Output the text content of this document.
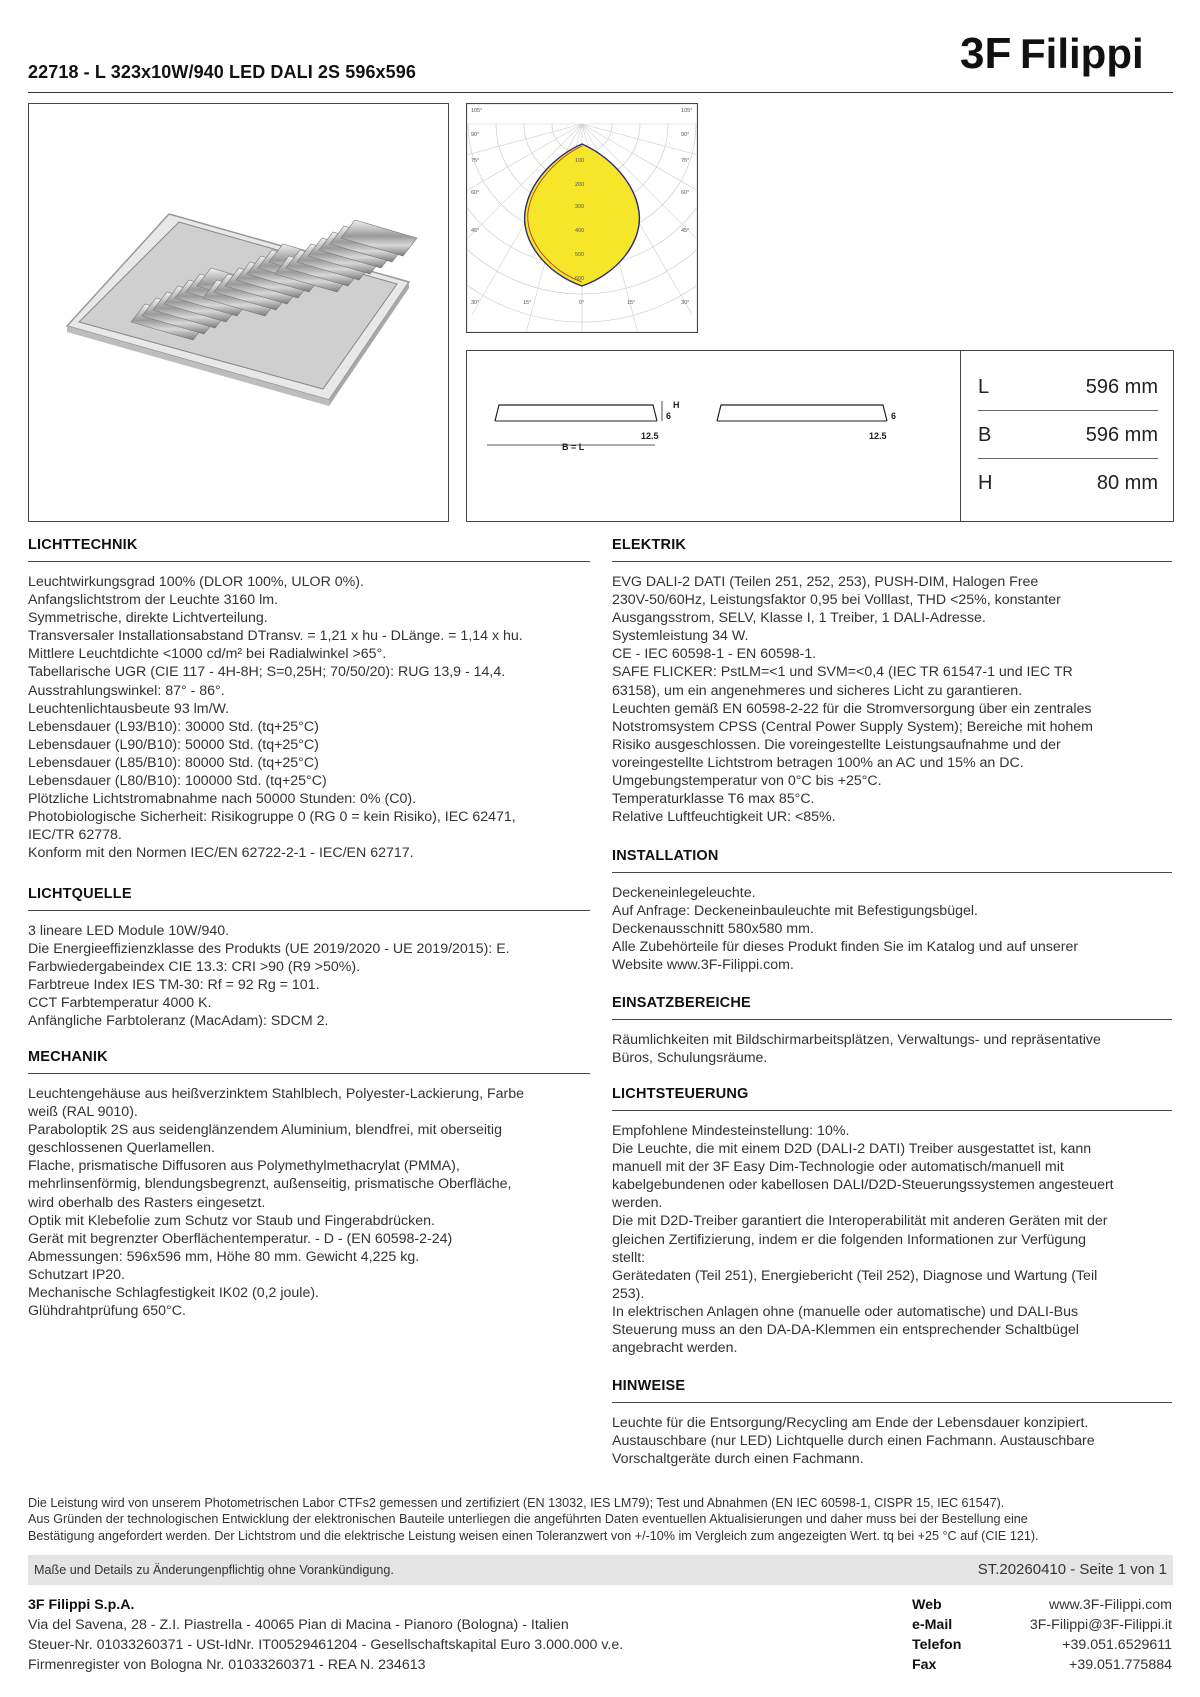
22718 - L 323x10W/940 LED DALI 2S 596x596	3F Filippi
105°	105°
90°	90°
75°	75°
60°	60°
45°	45°
30°	15°	0°	15°	30°
100
200
300
400
500
600
6
H
12.5
B = L
6
12.5
L	596 mm
B	596 mm
H	80 mm
LICHTTECHNIK
Leuchtwirkungsgrad 100% (DLOR 100%, ULOR 0%).
Anfangslichtstrom der Leuchte 3160 lm.
Symmetrische, direkte Lichtverteilung.
Transversaler Installationsabstand DTransv. = 1,21 x hu - DLänge. = 1,14 x hu.
Mittlere Leuchtdichte <1000 cd/m² bei Radialwinkel >65°.
Tabellarische UGR (CIE 117 - 4H-8H; S=0,25H; 70/50/20): RUG 13,9 - 14,4.
Ausstrahlungswinkel: 87° - 86°.
Leuchtenlichtausbeute 93 lm/W.
Lebensdauer (L93/B10): 30000 Std. (tq+25°C)
Lebensdauer (L90/B10): 50000 Std. (tq+25°C)
Lebensdauer (L85/B10): 80000 Std. (tq+25°C)
Lebensdauer (L80/B10): 100000 Std. (tq+25°C)
Plötzliche Lichtstromabnahme nach 50000 Stunden: 0% (C0).
Photobiologische Sicherheit: Risikogruppe 0 (RG 0 = kein Risiko), IEC 62471,
IEC/TR 62778.
Konform mit den Normen IEC/EN 62722-2-1 - IEC/EN 62717.
LICHTQUELLE
3 lineare LED Module 10W/940.
Die Energieeffizienzklasse des Produkts (UE 2019/2020 - UE 2019/2015): E.
Farbwiedergabeindex CIE 13.3: CRI >90 (R9 >50%).
Farbtreue Index IES TM-30: Rf = 92 Rg = 101.
CCT Farbtemperatur 4000 K.
Anfängliche Farbtoleranz (MacAdam): SDCM 2.
MECHANIK
Leuchtengehäuse aus heißverzinktem Stahlblech, Polyester-Lackierung, Farbe
weiß (RAL 9010).
Paraboloptik 2S aus seidenglänzendem Aluminium, blendfrei, mit oberseitig
geschlossenen Querlamellen.
Flache, prismatische Diffusoren aus Polymethylmethacrylat (PMMA),
mehrlinsenförmig, blendungsbegrenzt, außenseitig, prismatische Oberfläche,
wird oberhalb des Rasters eingesetzt.
Optik mit Klebefolie zum Schutz vor Staub und Fingerabdrücken.
Gerät mit begrenzter Oberflächentemperatur. - D - (EN 60598-2-24)
Abmessungen: 596x596 mm, Höhe 80 mm. Gewicht 4,225 kg.
Schutzart IP20.
Mechanische Schlagfestigkeit IK02 (0,2 joule).
Glühdrahtprüfung 650°C.
ELEKTRIK
EVG DALI-2 DATI (Teilen 251, 252, 253), PUSH-DIM, Halogen Free
230V-50/60Hz, Leistungsfaktor 0,95 bei Volllast, THD <25%, konstanter
Ausgangsstrom, SELV, Klasse I, 1 Treiber, 1 DALI-Adresse.
Systemleistung 34 W.
CE - IEC 60598-1 - EN 60598-1.
SAFE FLICKER: PstLM=<1 und SVM=<0,4 (IEC TR 61547-1 und IEC TR
63158), um ein angenehmeres und sicheres Licht zu garantieren.
Leuchten gemäß EN 60598-2-22 für die Stromversorgung über ein zentrales
Notstromsystem CPSS (Central Power Supply System); Bereiche mit hohem
Risiko ausgeschlossen. Die voreingestellte Leistungsaufnahme und der
voreingestellte Lichtstrom betragen 100% an AC und 15% an DC.
Umgebungstemperatur von 0°C bis +25°C.
Temperaturklasse T6 max 85°C.
Relative Luftfeuchtigkeit UR: <85%.
INSTALLATION
Deckeneinlegeleuchte.
Auf Anfrage: Deckeneinbauleuchte mit Befestigungsbügel.
Deckenausschnitt 580x580 mm.
Alle Zubehörteile für dieses Produkt finden Sie im Katalog und auf unserer
Website www.3F-Filippi.com.
EINSATZBEREICHE
Räumlichkeiten mit Bildschirmarbeitsplätzen, Verwaltungs- und repräsentative
Büros, Schulungsräume.
LICHTSTEUERUNG
Empfohlene Mindesteinstellung: 10%.
Die Leuchte, die mit einem D2D (DALI-2 DATI) Treiber ausgestattet ist, kann
manuell mit der 3F Easy Dim-Technologie oder automatisch/manuell mit
kabelgebundenen oder kabellosen DALI/D2D-Steuerungssystemen angesteuert
werden.
Die mit D2D-Treiber garantiert die Interoperabilität mit anderen Geräten mit der
gleichen Zertifizierung, indem er die folgenden Informationen zur Verfügung
stellt:
Gerätedaten (Teil 251), Energiebericht (Teil 252), Diagnose und Wartung (Teil
253).
In elektrischen Anlagen ohne (manuelle oder automatische) und DALI-Bus
Steuerung muss an den DA-DA-Klemmen ein entsprechender Schaltbügel
angebracht werden.
HINWEISE
Leuchte für die Entsorgung/Recycling am Ende der Lebensdauer konzipiert.
Austauschbare (nur LED) Lichtquelle durch einen Fachmann. Austauschbare
Vorschaltgeräte durch einen Fachmann.
Die Leistung wird von unserem Photometrischen Labor CTFs2 gemessen und zertifiziert (EN 13032, IES LM79); Test und Abnahmen (EN IEC 60598-1, CISPR 15, IEC 61547).
Aus Gründen der technologischen Entwicklung der elektronischen Bauteile unterliegen die angeführten Daten eventuellen Aktualisierungen und daher muss bei der Bestellung eine
Bestätigung angefordert werden. Der Lichtstrom und die elektrische Leistung weisen einen Toleranzwert von +/-10% im Vergleich zum angezeigten Wert. tq bei +25 °C auf (CIE 121).
Maße und Details zu Änderungenpflichtig ohne Vorankündigung.	ST.20260410 - Seite 1 von 1
3F Filippi S.p.A.
Via del Savena, 28 - Z.I. Piastrella - 40065 Pian di Macina - Pianoro (Bologna) - Italien
Steuer-Nr. 01033260371 - USt-IdNr. IT00529461204 - Gesellschaftskapital Euro 3.000.000 v.e.
Firmenregister von Bologna Nr. 01033260371 - REA N. 234613
Web	www.3F-Filippi.com
e-Mail	3F-Filippi@3F-Filippi.it
Telefon	+39.051.6529611
Fax	+39.051.775884
